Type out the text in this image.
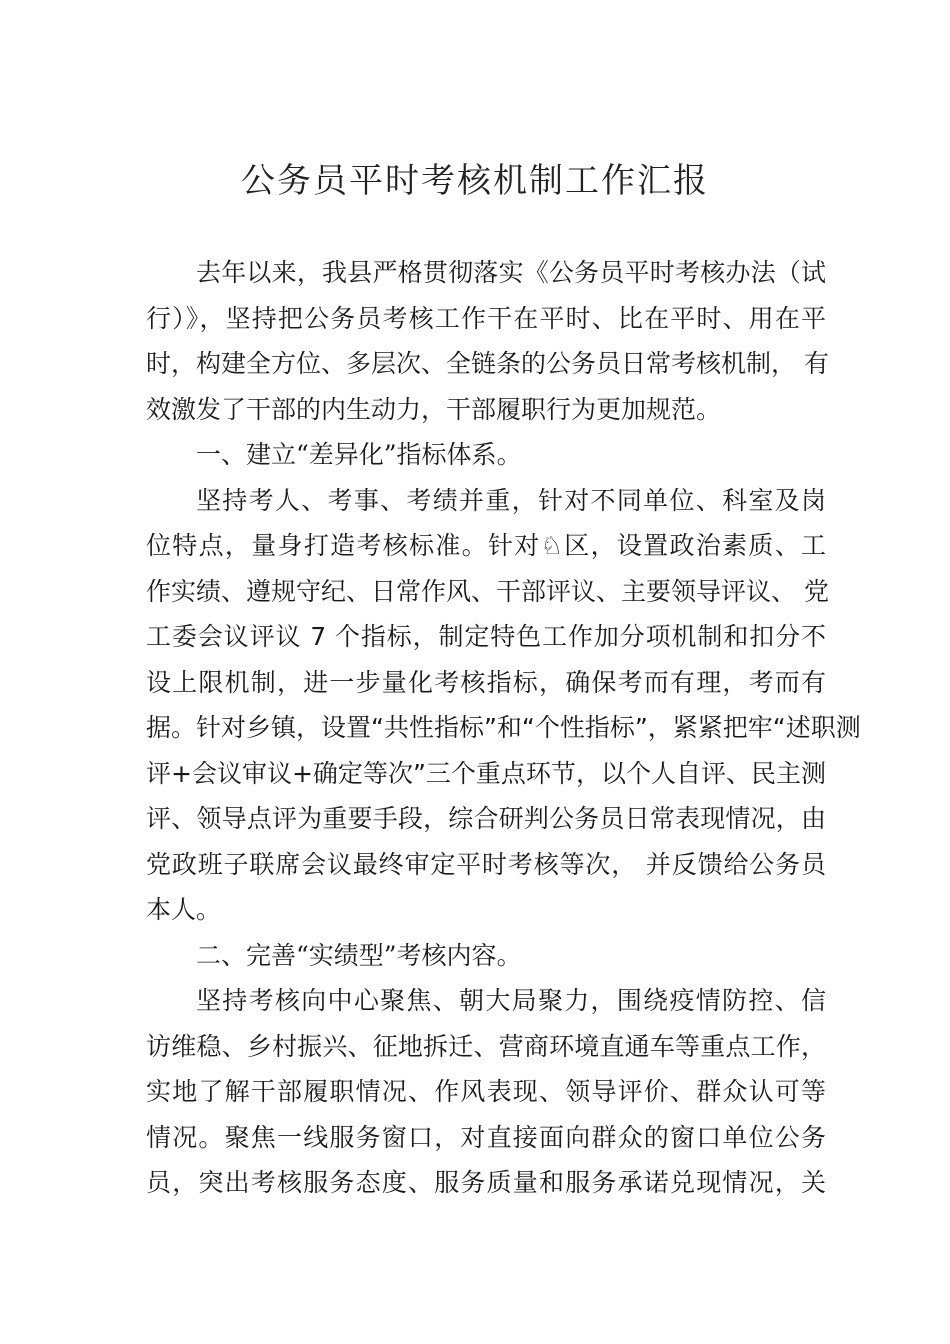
公务员平时考核机制工作汇报
去年以来，我县严格贯彻落实《公务员平时考核办法（试
行）》，坚持把公务员考核工作干在平时、比在平时、用在平
时，构建全方位、多层次、全链条的公务员日常考核机制， 有
效激发了干部的内生动力，干部履职行为更加规范。
一、建立“差异化”指标体系。
坚持考人、考事、考绩并重，针对不同单位、科室及岗
位特点，量身打造考核标准。针对♘区，设置政治素质、工
作实绩、遵规守纪、日常作风、干部评议、主要领导评议、 党
工委会议评议 7 个指标，制定特色工作加分项机制和扣分不
设上限机制，进一步量化考核指标，确保考而有理，考而有
据。针对乡镇，设置“共性指标”和“个性指标”，紧紧把牢“述职测
评+会议审议+确定等次”三个重点环节，以个人自评、民主测
评、领导点评为重要手段，综合研判公务员日常表现情况，由
党政班子联席会议最终审定平时考核等次， 并反馈给公务员
本人。
二、完善“实绩型”考核内容。
坚持考核向中心聚焦、朝大局聚力，围绕疫情防控、信
访维稳、乡村振兴、征地拆迁、营商环境直通车等重点工作，
实地了解干部履职情况、作风表现、领导评价、群众认可等
情况。聚焦一线服务窗口，对直接面向群众的窗口单位公务
员，突出考核服务态度、服务质量和服务承诺兑现情况，关
